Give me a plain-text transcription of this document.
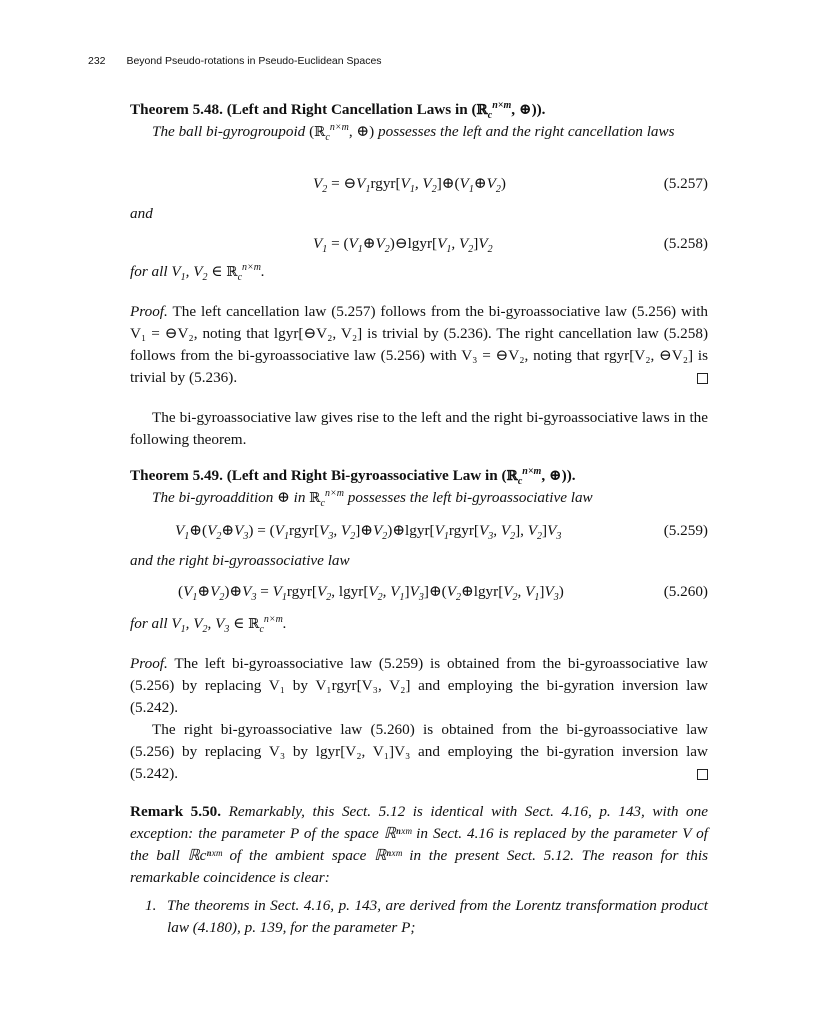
232 Beyond Pseudo-rotations in Pseudo-Euclidean Spaces
Theorem 5.48. (Left and Right Cancellation Laws in (ℝ$_c^{n\times m}$, ⊕)).
The ball bi-gyrogroupoid (ℝ$_c^{n\times m}$, ⊕) possesses the left and the right cancellation laws
$V_2$ = $⊖V_1rgyr[V_1$, $V_2]\oplus(V_1\oplus V_2)$	(5.257)
and
$V_1$ = $(V_1\oplus V_2)⊖lgyr[V_1$, $V_2]V_2$	(5.258)
for all $V_1$, $V_2$ ∈ ℝ$_c^{n\times m}$.
Proof. The left cancellation law (5.257) follows from the bi-gyroassociative law (5.256) with V₁ = ⊖V₂, noting that lgyr[⊖V₂, V₂] is trivial by (5.236). The right cancellation law (5.258) follows from the bi-gyroassociative law (5.256) with V₃ = ⊖V₂, noting that rgyr[V₂, ⊖V₂] is trivial by (5.236).
The bi-gyroassociative law gives rise to the left and the right bi-gyroassociative laws in the following theorem.
Theorem 5.49. (Left and Right Bi-gyroassociative Law in (ℝ$_c^{n\times m}$, ⊕)).
The bi-gyroaddition ⊕ in ℝ$_c^{n\times m}$ possesses the left bi-gyroassociative law
$V_1\oplus(V_2\oplus V_3)$ = ($V_1rgyr[V_3$, $V_2]\oplus V_2)\oplus lgyr[V_1rgyr[V_3$, $V_2$], $V_2]V_3$	(5.259)
and the right bi-gyroassociative law
$(V_1\oplus V_2)\oplus V_3$ = $V_1rgyr[V_2$, $lgyr[V_2$, $V_1]V_3]\oplus(V_2\oplus lgyr[V_2$, $V_1]V_3$)	(5.260)
for all $V_1$, $V_2$, $V_3$ ∈ ℝ$_c^{n\times m}$.
Proof. The left bi-gyroassociative law (5.259) is obtained from the bi-gyroassociative law (5.256) by replacing V₁ by V₁rgyr[V₃, V₂] and employing the bi-gyration inversion law (5.242).
The right bi-gyroassociative law (5.260) is obtained from the bi-gyroassociative law (5.256) by replacing V₃ by lgyr[V₂, V₁]V₃ and employing the bi-gyration inversion law (5.242).
Remark 5.50. Remarkably, this Sect. 5.12 is identical with Sect. 4.16, p. 143, with one exception: the parameter P of the space ℝⁿˣᵐ in Sect. 4.16 is replaced by the parameter V of the ball ℝcⁿˣᵐ of the ambient space ℝⁿˣᵐ in the present Sect. 5.12. The reason for this remarkable coincidence is clear:
1. The theorems in Sect. 4.16, p. 143, are derived from the Lorentz transformation product law (4.180), p. 139, for the parameter P;
